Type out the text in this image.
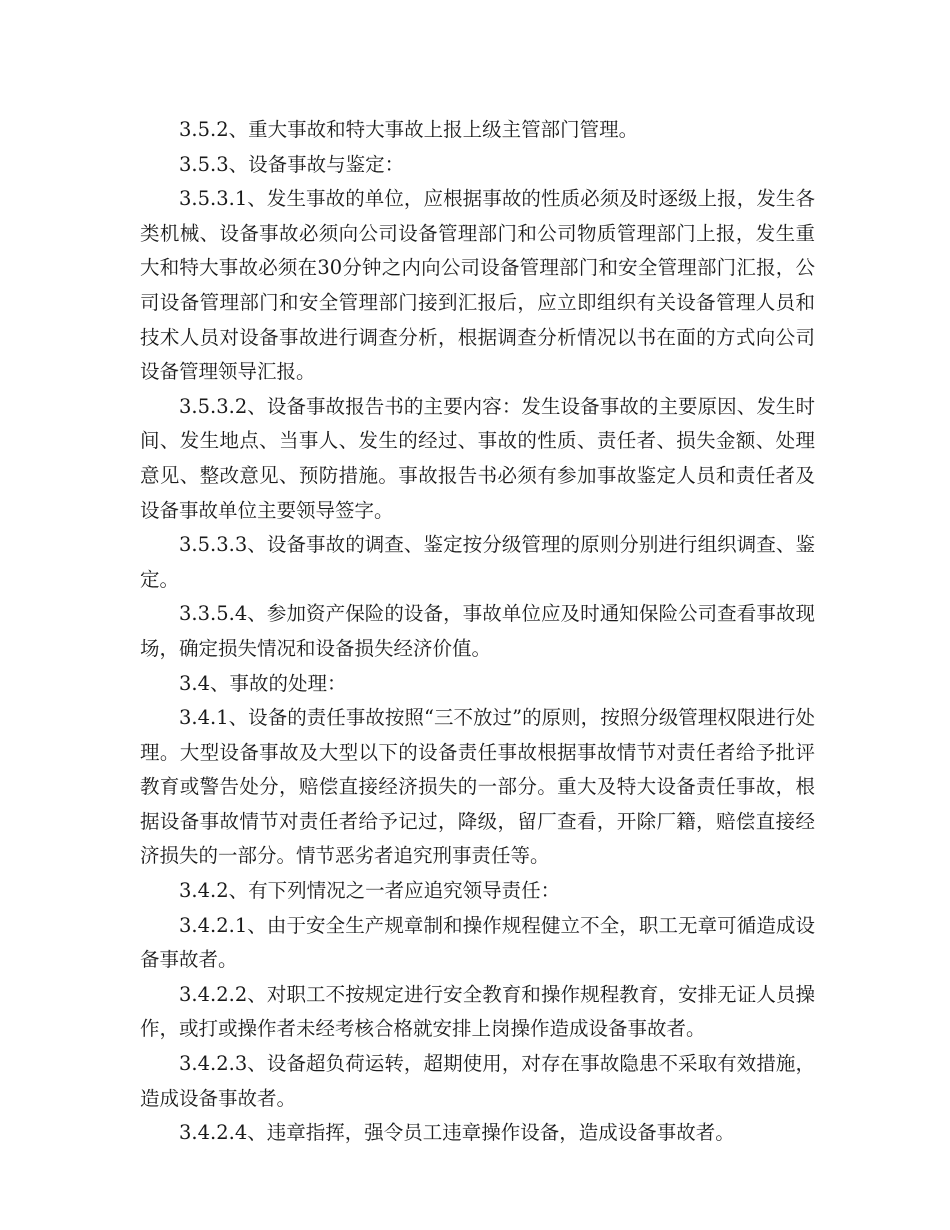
3.5.2、重大事故和特大事故上报上级主管部门管理。

3.5.3、设备事故与鉴定：

3.5.3.1、发生事故的单位，应根据事故的性质必须及时逐级上报，发生各类机械、设备事故必须向公司设备管理部门和公司物质管理部门上报，发生重大和特大事故必须在30分钟之内向公司设备管理部门和安全管理部门汇报，公司设备管理部门和安全管理部门接到汇报后，应立即组织有关设备管理人员和技术人员对设备事故进行调查分析，根据调查分析情况以书在面的方式向公司设备管理领导汇报。

3.5.3.2、设备事故报告书的主要内容：发生设备事故的主要原因、发生时间、发生地点、当事人、发生的经过、事故的性质、责任者、损失金额、处理意见、整改意见、预防措施。事故报告书必须有参加事故鉴定人员和责任者及设备事故单位主要领导签字。

3.5.3.3、设备事故的调查、鉴定按分级管理的原则分别进行组织调查、鉴定。

3.3.5.4、参加资产保险的设备，事故单位应及时通知保险公司查看事故现场，确定损失情况和设备损失经济价值。

3.4、事故的处理：

3.4.1、设备的责任事故按照“三不放过”的原则，按照分级管理权限进行处理。大型设备事故及大型以下的设备责任事故根据事故情节对责任者给予批评教育或警告处分，赔偿直接经济损失的一部分。重大及特大设备责任事故，根据设备事故情节对责任者给予记过，降级，留厂查看，开除厂籍，赔偿直接经济损失的一部分。情节恶劣者追究刑事责任等。

3.4.2、有下列情况之一者应追究领导责任：

3.4.2.1、由于安全生产规章制和操作规程健立不全，职工无章可循造成设备事故者。

3.4.2.2、对职工不按规定进行安全教育和操作规程教育，安排无证人员操作，或打或操作者未经考核合格就安排上岗操作造成设备事故者。

3.4.2.3、设备超负荷运转，超期使用，对存在事故隐患不采取有效措施，造成设备事故者。

3.4.2.4、违章指挥，强令员工违章操作设备，造成设备事故者。
